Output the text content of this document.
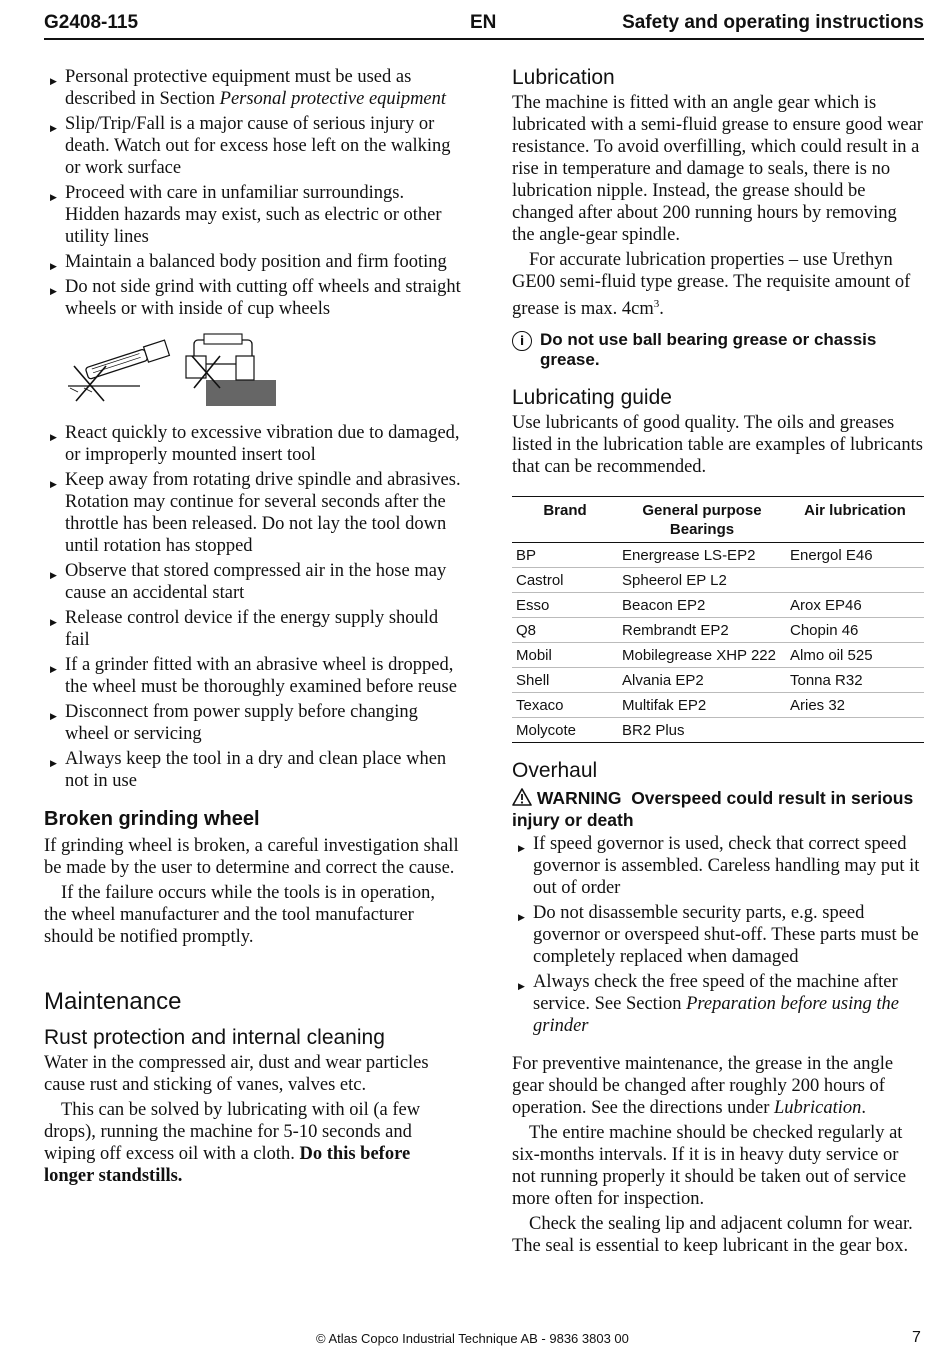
G2408-115	EN	Safety and operating instructions
▶ Personal protective equipment must be used as described in Section Personal protective equipment
▶ Slip/Trip/Fall is a major cause of serious injury or death. Watch out for excess hose left on the walking or work surface
▶ Proceed with care in unfamiliar surroundings. Hidden hazards may exist, such as electric or other utility lines
▶ Maintain a balanced body position and firm footing
▶ Do not side grind with cutting off wheels and straight wheels or with inside of cup wheels
▶ React quickly to excessive vibration due to damaged, or improperly mounted insert tool
▶ Keep away from rotating drive spindle and abrasives. Rotation may continue for several seconds after the throttle has been released. Do not lay the tool down until rotation has stopped
▶ Observe that stored compressed air in the hose may cause an accidental start
▶ Release control device if the energy supply should fail
▶ If a grinder fitted with an abrasive wheel is dropped, the wheel must be thoroughly examined before reuse
▶ Disconnect from power supply before changing wheel or servicing
▶ Always keep the tool in a dry and clean place when not in use
Broken grinding wheel

If grinding wheel is broken, a careful investigation shall be made by the user to determine and correct the cause.

If the failure occurs while the tools is in operation, the wheel manufacturer and the tool manufacturer should be notified promptly.

Maintenance
Rust protection and internal cleaning

Water in the compressed air, dust and wear particles cause rust and sticking of vanes, valves etc.

This can be solved by lubricating with oil (a few drops), running the machine for 5-10 seconds and wiping off excess oil with a cloth. Do this before longer standstills.

Lubrication

The machine is fitted with an angle gear which is lubricated with a semi-fluid grease to ensure good wear resistance. To avoid overfilling, which could result in a rise in temperature and damage to seals, there is no lubrication nipple. Instead, the grease should be changed after about 200 running hours by removing the angle-gear spindle.

For accurate lubrication properties – use Urethyn GE00 semi-fluid type grease. The requisite amount of grease is max. $4cm^3$.

i Do not use ball bearing grease or chassis grease.
Lubricating guide

Use lubricants of good quality. The oils and greases listed in the lubrication table are examples of lubricants that can be recommended.

Brand	General purpose Bearings	Air lubrication
BP	Energrease LS-EP2	Energol E46
Castrol	Spheerol EP L2	
Esso	Beacon EP2	Arox EP46
Q8	Rembrandt EP2	Chopin 46
Mobil	Mobilegrease XHP 222	Almo oil 525
Shell	Alvania EP2	Tonna R32
Texaco	Multifak EP2	Aries 32
Molycote	BR2 Plus	
Overhaul
WARNING Overspeed could result in serious injury or death
▶ If speed governor is used, check that correct speed governor is assembled. Careless handling may put it out of order
▶ Do not disassemble security parts, e.g. speed governor or overspeed shut-off. These parts must be completely replaced when damaged
▶ Always check the free speed of the machine after service. See Section Preparation before using the grinder

For preventive maintenance, the grease in the angle gear should be changed after roughly 200 hours of operation. See the directions under Lubrication.

The entire machine should be checked regularly at six-months intervals. If it is in heavy duty service or not running properly it should be taken out of service more often for inspection.

Check the sealing lip and adjacent column for wear. The seal is essential to keep lubricant in the gear box.

© Atlas Copco Industrial Technique AB - 9836 3803 00	7
